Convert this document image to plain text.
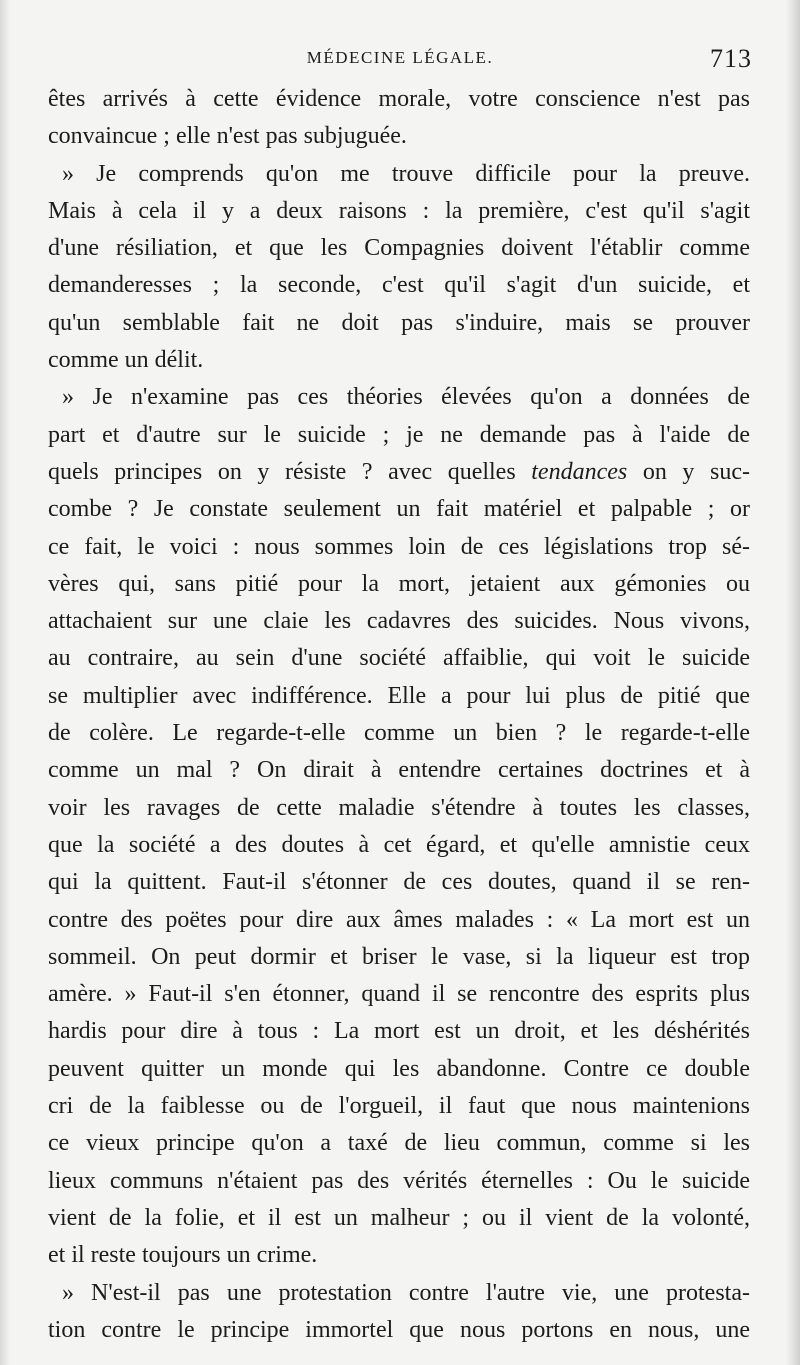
MÉDECINE LÉGALE.	713
êtes arrivés à cette évidence morale, votre conscience n'est pas
convaincue ; elle n'est pas subjuguée.
» Je comprends qu'on me trouve difficile pour la preuve.
Mais à cela il y a deux raisons : la première, c'est qu'il s'agit
d'une résiliation, et que les Compagnies doivent l'établir comme
demanderesses ; la seconde, c'est qu'il s'agit d'un suicide, et
qu'un semblable fait ne doit pas s'induire, mais se prouver
comme un délit.
» Je n'examine pas ces théories élevées qu'on a données de
part et d'autre sur le suicide ; je ne demande pas à l'aide de
quels principes on y résiste ? avec quelles tendances on y suc-
combe ? Je constate seulement un fait matériel et palpable ; or
ce fait, le voici : nous sommes loin de ces législations trop sé-
vères qui, sans pitié pour la mort, jetaient aux gémonies ou
attachaient sur une claie les cadavres des suicides. Nous vivons,
au contraire, au sein d'une société affaiblie, qui voit le suicide
se multiplier avec indifférence. Elle a pour lui plus de pitié que
de colère. Le regarde-t-elle comme un bien ? le regarde-t-elle
comme un mal ? On dirait à entendre certaines doctrines et à
voir les ravages de cette maladie s'étendre à toutes les classes,
que la société a des doutes à cet égard, et qu'elle amnistie ceux
qui la quittent. Faut-il s'étonner de ces doutes, quand il se ren-
contre des poëtes pour dire aux âmes malades : « La mort est un
sommeil. On peut dormir et briser le vase, si la liqueur est trop
amère. » Faut-il s'en étonner, quand il se rencontre des esprits plus
hardis pour dire à tous : La mort est un droit, et les déshérités
peuvent quitter un monde qui les abandonne. Contre ce double
cri de la faiblesse ou de l'orgueil, il faut que nous maintenions
ce vieux principe qu'on a taxé de lieu commun, comme si les
lieux communs n'étaient pas des vérités éternelles : Ou le suicide
vient de la folie, et il est un malheur ; ou il vient de la volonté,
et il reste toujours un crime.
» N'est-il pas une protestation contre l'autre vie, une protesta-
tion contre le principe immortel que nous portons en nous, une
